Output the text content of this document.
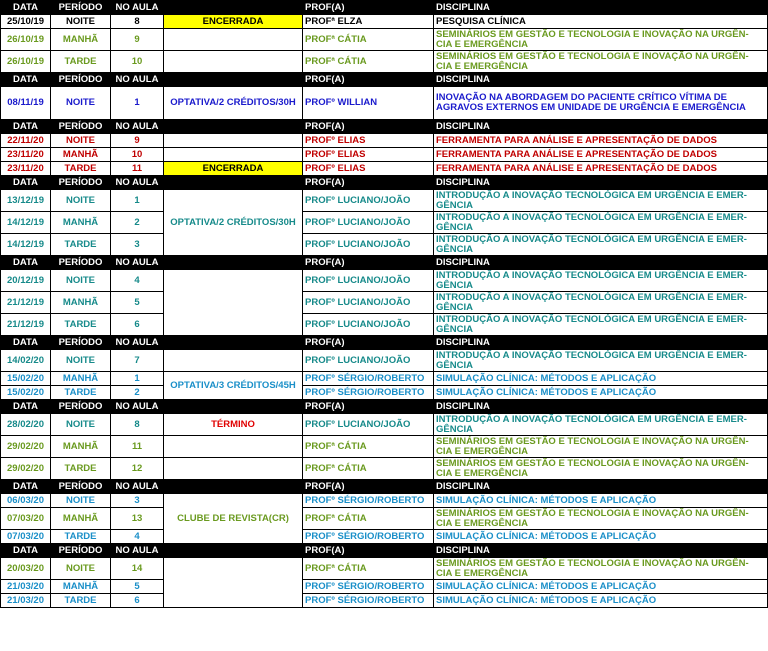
DATA	PERÍODO	NO AULA		PROF(A)	DISCIPLINA
25/10/19	NOITE	8	ENCERRADA	PROFª ELZA	PESQUISA CLÍNICA
26/10/19	MANHÃ	9		PROFª CÁTIA	SEMINÁRIOS EM GESTÃO E TECNOLOGIA E INOVAÇÃO NA URGÊN- CIA E EMERGÊNCIA
26/10/19	TARDE	10		PROFª CÁTIA	SEMINÁRIOS EM GESTÃO E TECNOLOGIA E INOVAÇÃO NA URGÊN- CIA E EMERGÊNCIA
DATA	PERÍODO	NO AULA		PROF(A)	DISCIPLINA
08/11/19	NOITE	1	OPTATIVA/2 CRÉDITOS/30H	PROFº WILLIAN	INOVAÇÃO NA ABORDAGEM DO PACIENTE CRÍTICO VÍTIMA DE AGRAVOS EXTERNOS EM UNIDADE DE URGÊNCIA E EMERGÊNCIA
DATA	PERÍODO	NO AULA		PROF(A)	DISCIPLINA
22/11/20	NOITE	9		PROFº ELIAS	FERRAMENTA PARA ANÁLISE E APRESENTAÇÃO DE DADOS
23/11/20	MANHÃ	10		PROFº ELIAS	FERRAMENTA PARA ANÁLISE E APRESENTAÇÃO DE DADOS
23/11/20	TARDE	11	ENCERRADA	PROFº ELIAS	FERRAMENTA PARA ANÁLISE E APRESENTAÇÃO DE DADOS
DATA	PERÍODO	NO AULA		PROF(A)	DISCIPLINA
13/12/19	NOITE	1	OPTATIVA/2 CRÉDITOS/30H	PROFº LUCIANO/JOÃO	INTRODUÇÃO A INOVAÇÃO TECNOLÓGICA EM URGÊNCIA E EMER- GÊNCIA
14/12/19	MANHÃ	2		PROFº LUCIANO/JOÃO	INTRODUÇÃO A INOVAÇÃO TECNOLÓGICA EM URGÊNCIA E EMER- GÊNCIA
14/12/19	TARDE	3		PROFº LUCIANO/JOÃO	INTRODUÇÃO A INOVAÇÃO TECNOLÓGICA EM URGÊNCIA E EMER- GÊNCIA
DATA	PERÍODO	NO AULA		PROF(A)	DISCIPLINA
20/12/19	NOITE	4		PROFº LUCIANO/JOÃO	INTRODUÇÃO A INOVAÇÃO TECNOLÓGICA EM URGÊNCIA E EMER- GÊNCIA
21/12/19	MANHÃ	5		PROFº LUCIANO/JOÃO	INTRODUÇÃO A INOVAÇÃO TECNOLÓGICA EM URGÊNCIA E EMER- GÊNCIA
21/12/19	TARDE	6		PROFº LUCIANO/JOÃO	INTRODUÇÃO A INOVAÇÃO TECNOLÓGICA EM URGÊNCIA E EMER- GÊNCIA
DATA	PERÍODO	NO AULA		PROF(A)	DISCIPLINA
14/02/20	NOITE	7		PROFº LUCIANO/JOÃO	INTRODUÇÃO A INOVAÇÃO TECNOLÓGICA EM URGÊNCIA E EMER- GÊNCIA
15/02/20	MANHÃ	1	OPTATIVA/3 CRÉDITOS/45H	PROFº SÉRGIO/ROBERTO	SIMULAÇÃO CLÍNICA: MÉTODOS E APLICAÇÃO
15/02/20	TARDE	2		PROFº SÉRGIO/ROBERTO	SIMULAÇÃO CLÍNICA: MÉTODOS E APLICAÇÃO
DATA	PERÍODO	NO AULA		PROF(A)	DISCIPLINA
28/02/20	NOITE	8	TÉRMINO	PROFº LUCIANO/JOÃO	INTRODUÇÃO A INOVAÇÃO TECNOLÓGICA EM URGÊNCIA E EMER- GÊNCIA
29/02/20	MANHÃ	11		PROFª CÁTIA	SEMINÁRIOS EM GESTÃO E TECNOLOGIA E INOVAÇÃO NA URGÊN- CIA E EMERGÊNCIA
29/02/20	TARDE	12		PROFª CÁTIA	SEMINÁRIOS EM GESTÃO E TECNOLOGIA E INOVAÇÃO NA URGÊN- CIA E EMERGÊNCIA
DATA	PERÍODO	NO AULA		PROF(A)	DISCIPLINA
06/03/20	NOITE	3	CLUBE DE REVISTA(CR)	PROFº SÉRGIO/ROBERTO	SIMULAÇÃO CLÍNICA: MÉTODOS E APLICAÇÃO
07/03/20	MANHÃ	13		PROFª CÁTIA	SEMINÁRIOS EM GESTÃO E TECNOLOGIA E INOVAÇÃO NA URGÊN- CIA E EMERGÊNCIA
07/03/20	TARDE	4		PROFº SÉRGIO/ROBERTO	SIMULAÇÃO CLÍNICA: MÉTODOS E APLICAÇÃO
DATA	PERÍODO	NO AULA		PROF(A)	DISCIPLINA
20/03/20	NOITE	14		PROFª CÁTIA	SEMINÁRIOS EM GESTÃO E TECNOLOGIA E INOVAÇÃO NA URGÊN- CIA E EMERGÊNCIA
21/03/20	MANHÃ	5		PROFº SÉRGIO/ROBERTO	SIMULAÇÃO CLÍNICA: MÉTODOS E APLICAÇÃO
21/03/20	TARDE	6		PROFº SÉRGIO/ROBERTO	SIMULAÇÃO CLÍNICA: MÉTODOS E APLICAÇÃO
